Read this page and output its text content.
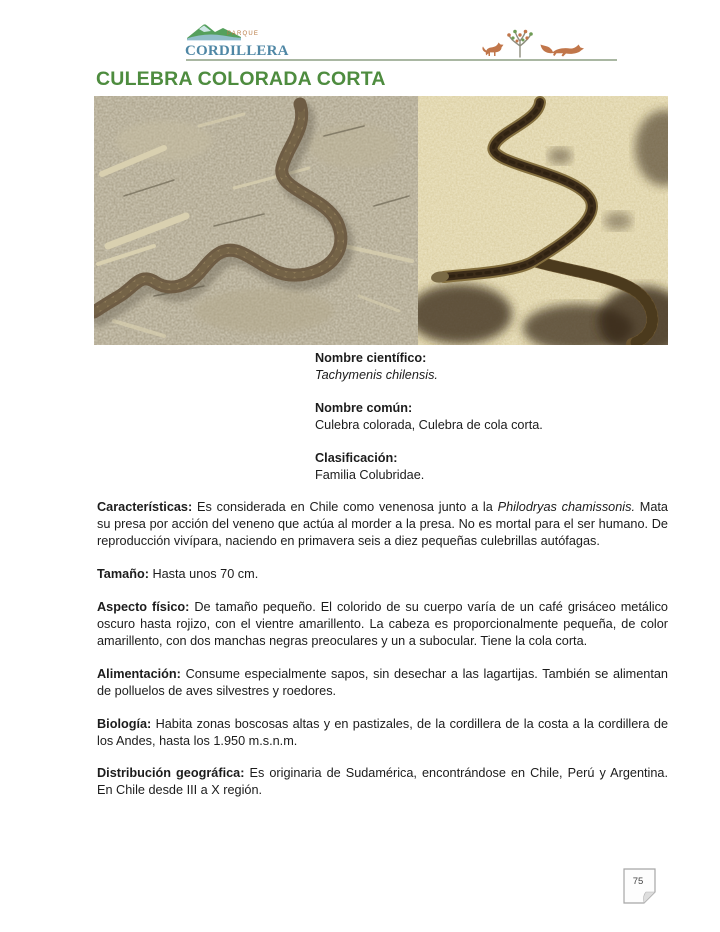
PARQUE
CORDILLERA
CULEBRA COLORADA CORTA
Nombre científico:
Tachymenis chilensis.
Nombre común:
Culebra colorada, Culebra de cola corta.
Clasificación:
Familia Colubridae.

Características: Es considerada en Chile como venenosa junto a la Philodryas chamissonis. Mata su presa por acción del veneno que actúa al morder a la presa. No es mortal para el ser humano. De reproducción vivípara, naciendo en primavera seis a diez pequeñas culebrillas autófagas.

Tamaño: Hasta unos 70 cm.

Aspecto físico: De tamaño pequeño. El colorido de su cuerpo varía de un café grisáceo metálico oscuro hasta rojizo, con el vientre amarillento. La cabeza es proporcionalmente pequeña, de color amarillento, con dos manchas negras preoculares y un a subocular. Tiene la cola corta.

Alimentación: Consume especialmente sapos, sin desechar a las lagartijas. También se alimentan de polluelos de aves silvestres y roedores.

Biología: Habita zonas boscosas altas y en pastizales, de la cordillera de la costa a la cordillera de los Andes, hasta los 1.950 m.s.n.m.

Distribución geográfica: Es originaria de Sudamérica, encontrándose en Chile, Perú y Argentina. En Chile desde III a X región.

75
